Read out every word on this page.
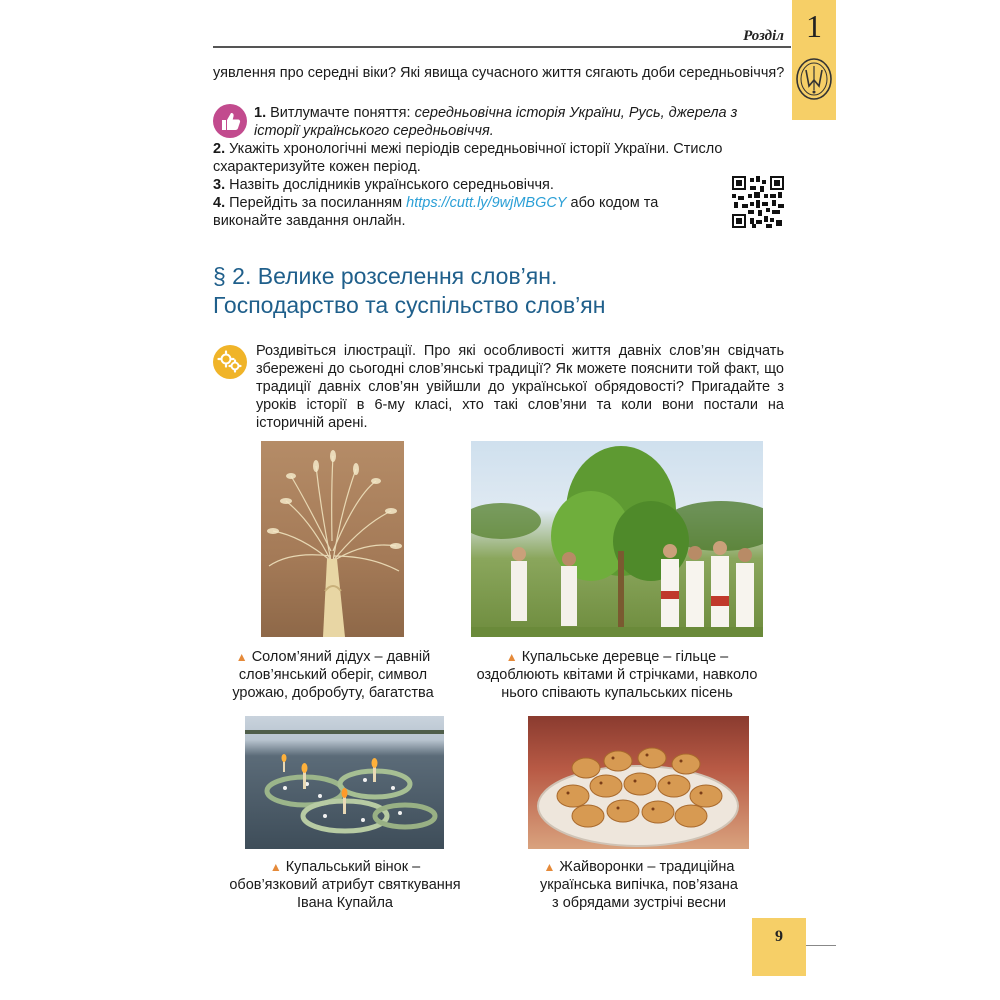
Розділ 1
уявлення про середні віки? Які явища сучасного життя сягають доби середньовіччя?
1. Витлумачте поняття: середньовічна історія України, Русь, джерела з історії українського середньовіччя.
2. Укажіть хронологічні межі періодів середньовічної історії України. Стисло схарактеризуйте кожен період.
3. Назвіть дослідників українського середньовіччя.
4. Перейдіть за посиланням https://cutt.ly/9wjMBGCY або кодом та виконайте завдання онлайн.
§ 2. Велике розселення слов’ян.
Господарство та суспільство слов’ян
Роздивіться ілюстрації. Про які особливості життя давніх слов’ян свідчать збережені до сьогодні слов’янські традиції? Як можете пояснити той факт, що традиції давніх слов’ян увійшли до української обрядовості? Пригадайте з уроків історії в 6-му класі, хто такі слов’яни та коли вони постали на історичній арені.
▲ Солом’яний дідух – давній
слов’янський оберіг, символ
урожаю, добробуту, багатства
▲ Купальське деревце – гільце –
оздоблюють квітами й стрічками, навколо
нього співають купальських пісень
▲ Купальський вінок –
обов’язковий атрибут святкування
Івана Купайла
▲ Жайворонки – традиційна
українська випічка, пов’язана
з обрядами зустрічі весни
9
